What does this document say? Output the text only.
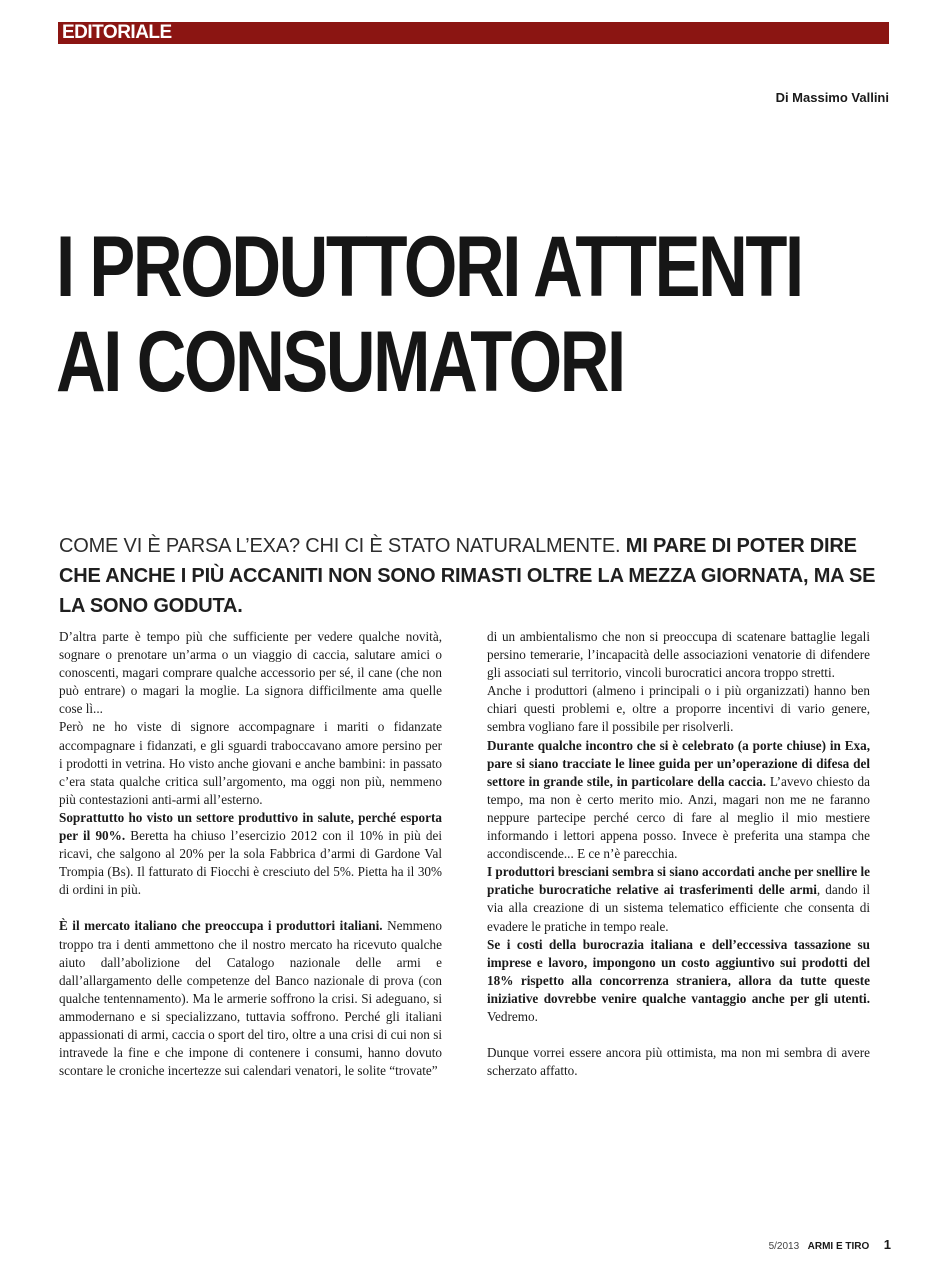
EDITORIALE
Di Massimo Vallini
I PRODUTTORI ATTENTI
AI CONSUMATORI

COME VI È PARSA L’EXA? CHI CI È STATO NATURALMENTE. MI PARE DI POTER DIRE CHE ANCHE I PIÙ ACCANITI NON SONO RIMASTI OLTRE LA MEZZA GIORNATA, MA SE LA SONO GODUTA.

D’altra parte è tempo più che sufficiente per vedere qualche novità, sognare o prenotare un’arma o un viaggio di caccia, salutare amici o conoscenti, magari comprare qualche accessorio per sé, il cane (che non può entrare) o magari la moglie. La signora difficilmente ama quelle cose lì...

Però ne ho viste di signore accompagnare i mariti o fidanzate accompagnare i fidanzati, e gli sguardi traboccavano amore persino per i prodotti in vetrina. Ho visto anche giovani e anche bambini: in passato c’era stata qualche critica sull’argomento, ma oggi non più, nemmeno più contestazioni anti-armi all’esterno.

Soprattutto ho visto un settore produttivo in salute, perché esporta per il 90%. Beretta ha chiuso l’esercizio 2012 con il 10% in più dei ricavi, che salgono al 20% per la sola Fabbrica d’armi di Gardone Val Trompia (Bs). Il fatturato di Fiocchi è cresciuto del 5%. Pietta ha il 30% di ordini in più.

È il mercato italiano che preoccupa i produttori italiani. Nemmeno troppo tra i denti ammettono che il nostro mercato ha ricevuto qualche aiuto dall’abolizione del Catalogo nazionale delle armi e dall’allargamento delle competenze del Banco nazionale di prova (con qualche tentennamento). Ma le armerie soffrono la crisi. Si adeguano, si ammodernano e si specializzano, tuttavia soffrono. Perché gli italiani appassionati di armi, caccia o sport del tiro, oltre a una crisi di cui non si intravede la fine e che impone di contenere i consumi, hanno dovuto scontare le croniche incertezze sui calendari venatori, le solite “trovate”

di un ambientalismo che non si preoccupa di scatenare battaglie legali persino temerarie, l’incapacità delle associazioni venatorie di difendere gli associati sul territorio, vincoli burocratici ancora troppo stretti.

Anche i produttori (almeno i principali o i più organizzati) hanno ben chiari questi problemi e, oltre a proporre incentivi di vario genere, sembra vogliano fare il possibile per risolverli.

Durante qualche incontro che si è celebrato (a porte chiuse) in Exa, pare si siano tracciate le linee guida per un’operazione di difesa del settore in grande stile, in particolare della caccia. L’avevo chiesto da tempo, ma non è certo merito mio. Anzi, magari non me ne faranno neppure partecipe perché cerco di fare al meglio il mio mestiere informando i lettori appena posso. Invece è preferita una stampa che accondiscende... E ce n’è parecchia.

I produttori bresciani sembra si siano accordati anche per snellire le pratiche burocratiche relative ai trasferimenti delle armi, dando il via alla creazione di un sistema telematico efficiente che consenta di evadere le pratiche in tempo reale.

Se i costi della burocrazia italiana e dell’eccessiva tassazione su imprese e lavoro, impongono un costo aggiuntivo sui prodotti del 18% rispetto alla concorrenza straniera, allora da tutte queste iniziative dovrebbe venire qualche vantaggio anche per gli utenti. Vedremo.

Dunque vorrei essere ancora più ottimista, ma non mi sembra di avere scherzato affatto.

5/2013 ARMI E TIRO 1
